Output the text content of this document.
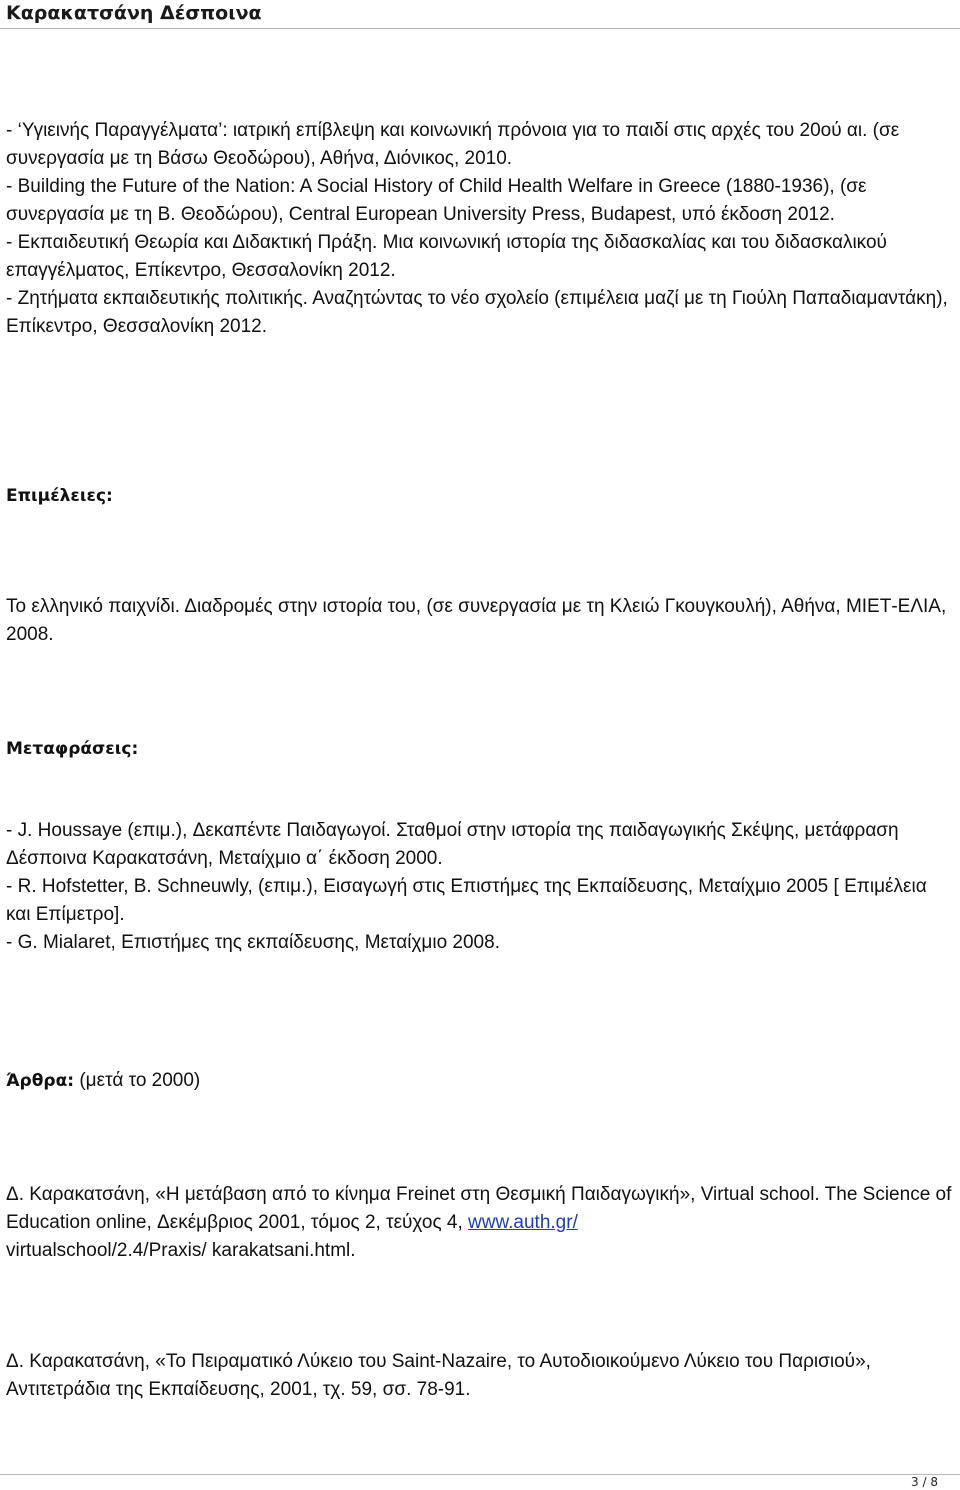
Καρακατσάνη Δέσποινα

- ‘Υγιεινής Παραγγέλματα’: ιατρική επίβλεψη και κοινωνική πρόνοια για το παιδί στις αρχές του 20ού αι. (σε συνεργασία με τη Βάσω Θεοδώρου), Αθήνα, Διόνικος, 2010.

- Building the Future of the Nation: A Social History of Child Health Welfare in Greece (1880-1936), (σε συνεργασία με τη Β. Θεοδώρου), Central European University Press, Budapest, υπό έκδοση 2012.

- Εκπαιδευτική Θεωρία και Διδακτική Πράξη. Μια κοινωνική ιστορία της διδασκαλίας και του διδασκαλικού επαγγέλματος, Επίκεντρο, Θεσσαλονίκη 2012.

- Ζητήματα εκπαιδευτικής πολιτικής. Αναζητώντας το νέο σχολείο (επιμέλεια μαζί με τη Γιούλη Παπαδιαμαντάκη), Επίκεντρο, Θεσσαλονίκη 2012.

Επιμέλειες:

Το ελληνικό παιχνίδι. Διαδρομές στην ιστορία του, (σε συνεργασία με τη Κλειώ Γκουγκουλή), Αθήνα, ΜΙΕΤ-ΕΛΙΑ, 2008.

Μεταφράσεις:

- J. Houssaye (επιμ.), Δεκαπέντε Παιδαγωγοί. Σταθμοί στην ιστορία της παιδαγωγικής Σκέψης, μετάφραση Δέσποινα Καρακατσάνη, Μεταίχμιο α΄ έκδοση 2000.

- R. Hofstetter, B. Schneuwly, (επιμ.), Εισαγωγή στις Επιστήμες της Εκπαίδευσης, Μεταίχμιο 2005 [ Επιμέλεια και Επίμετρο].

- G. Mialaret, Επιστήμες της εκπαίδευσης, Μεταίχμιο 2008.

Άρθρα: (μετά το 2000)

Δ. Καρακατσάνη, «Η μετάβαση από το κίνημα Freinet στη Θεσμική Παιδαγωγική», Virtual school. The Science of Education online, Δεκέμβριος 2001, τόμος 2, τεύχος 4, www.auth.gr/
virtualschool/2.4/Praxis/ karakatsani.html.

Δ. Καρακατσάνη, «Το Πειραματικό Λύκειο του Saint-Nazaire, το Αυτοδιοικούμενο Λύκειο του Παρισιού», Αντιτετράδια της Εκπαίδευσης, 2001, τχ. 59, σσ. 78-91.

3 / 8
